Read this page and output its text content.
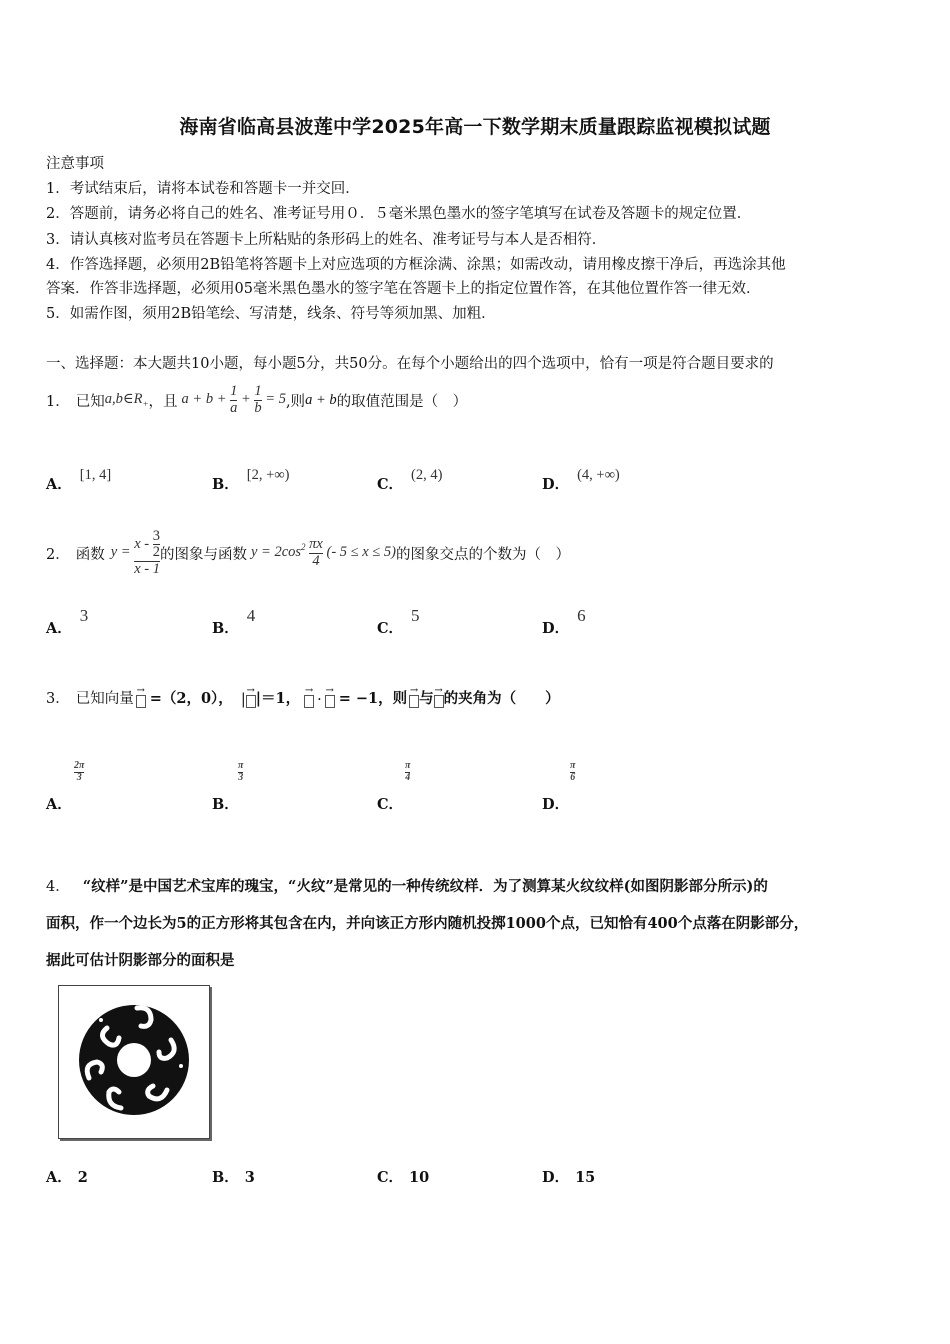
海南省临高县波莲中学2025年高一下数学期末质量跟踪监视模拟试题
注意事项
1．考试结束后，请将本试卷和答题卡一并交回．
2．答题前，请务必将自己的姓名、准考证号用０．５毫米黑色墨水的签字笔填写在试卷及答题卡的规定位置．
3．请认真核对监考员在答题卡上所粘贴的条形码上的姓名、准考证号与本人是否相符．
4．作答选择题，必须用2B铅笔将答题卡上对应选项的方框涂满、涂黑；如需改动，请用橡皮擦干净后，再选涂其他
答案．作答非选择题，必须用05毫米黑色墨水的签字笔在答题卡上的指定位置作答，在其他位置作答一律无效．
5．如需作图，须用2B铅笔绘、写清楚，线条、符号等须加黑、加粗．
一、选择题：本大题共10小题，每小题5分，共50分。在每个小题给出的四个选项中，恰有一项是符合题目要求的
1． 已知 $a,b\in R_+$ ，且 $a + b + \frac{1}{a} + \frac{1}{b} = 5$ ,则 a + b 的取值范围是（　）
A．[1, 4]
B．[2, +∞)
C．(2, 4)
D．(4, +∞)
2． 函数 $y = \frac{x - \frac{3}{2}}{x - 1}$ 的图象与函数 $y = 2\cos^2 \frac{\pi x}{4}$ (- 5 ≤ x ≤ 5) 的图象交点的个数为（　）
A．3
B．4
C．5
D．6
3． 已知向量
→ =（2，0）， |
→ |＝1， →
·
→ = −1，则 → 与 → 的夹角为（　　）
A．
2π
3
B．
π
3
C．
π
4
D．
π
6
4． “纹样”是中国艺术宝库的瑰宝，“火纹”是常见的一种传统纹样．为了测算某火纹纹样(如图阴影部分所示)的
面积，作一个边长为5的正方形将其包含在内，并向该正方形内随机投掷1000个点，已知恰有400个点落在阴影部分，
据此可估计阴影部分的面积是
A． 2	B． 3	C． 10	D． 15
